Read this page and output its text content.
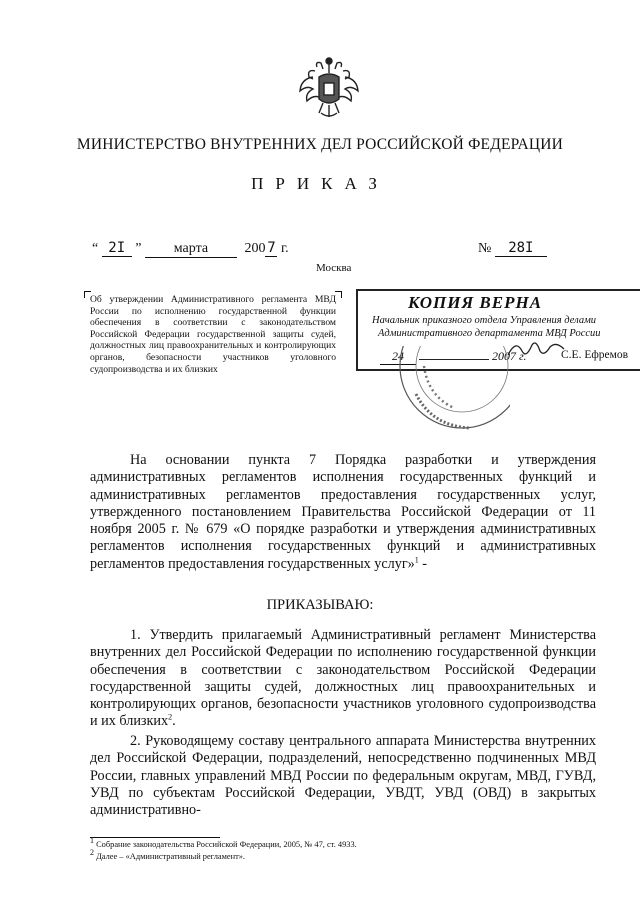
МИНИСТЕРСТВО ВНУТРЕННИХ ДЕЛ РОССИЙСКОЙ ФЕДЕРАЦИИ
ПРИКАЗ
“ 2I ” марта	200 7 г.	№ 28I
Москва
Об утверждении Административного регламента МВД России по исполнению государственной функции обеспечения в соответствии с законодательством Российской Федерации государственной защиты судей, должностных лиц правоохранительных и контролирующих органов, безопасности участников уголовного судопроизводства и их близких
КОПИЯ ВЕРНА
Начальник приказного отдела Управления делами
Административного департамента МВД России
24	2007 г.	С.Е. Ефремов
На основании пункта 7 Порядка разработки и утверждения административных регламентов исполнения государственных функций и административных регламентов предоставления государственных услуг, утвержденного постановлением Правительства Российской Федерации от 11 ноября 2005 г. № 679 «О порядке разработки и утверждения административных регламентов исполнения государственных функций и административных регламентов предоставления государственных услуг»$^1$ -
ПРИКАЗЫВАЮ:
1. Утвердить прилагаемый Административный регламент Министерства внутренних дел Российской Федерации по исполнению государственной функции обеспечения в соответствии с законодательством Российской Федерации государственной защиты судей, должностных лиц правоохранительных и контролирующих органов, безопасности участников уголовного судопроизводства и их близких$^2$.
2. Руководящему составу центрального аппарата Министерства внутренних дел Российской Федерации, подразделений, непосредственно подчиненных МВД России, главных управлений МВД России по федеральным округам, МВД, ГУВД, УВД по субъектам Российской Федерации, УВДТ, УВД (ОВД) в закрытых административно-
$^1$ Собрание законодательства Российской Федерации, 2005, № 47, ст. 4933.
$^2$ Далее – «Административный регламент».
